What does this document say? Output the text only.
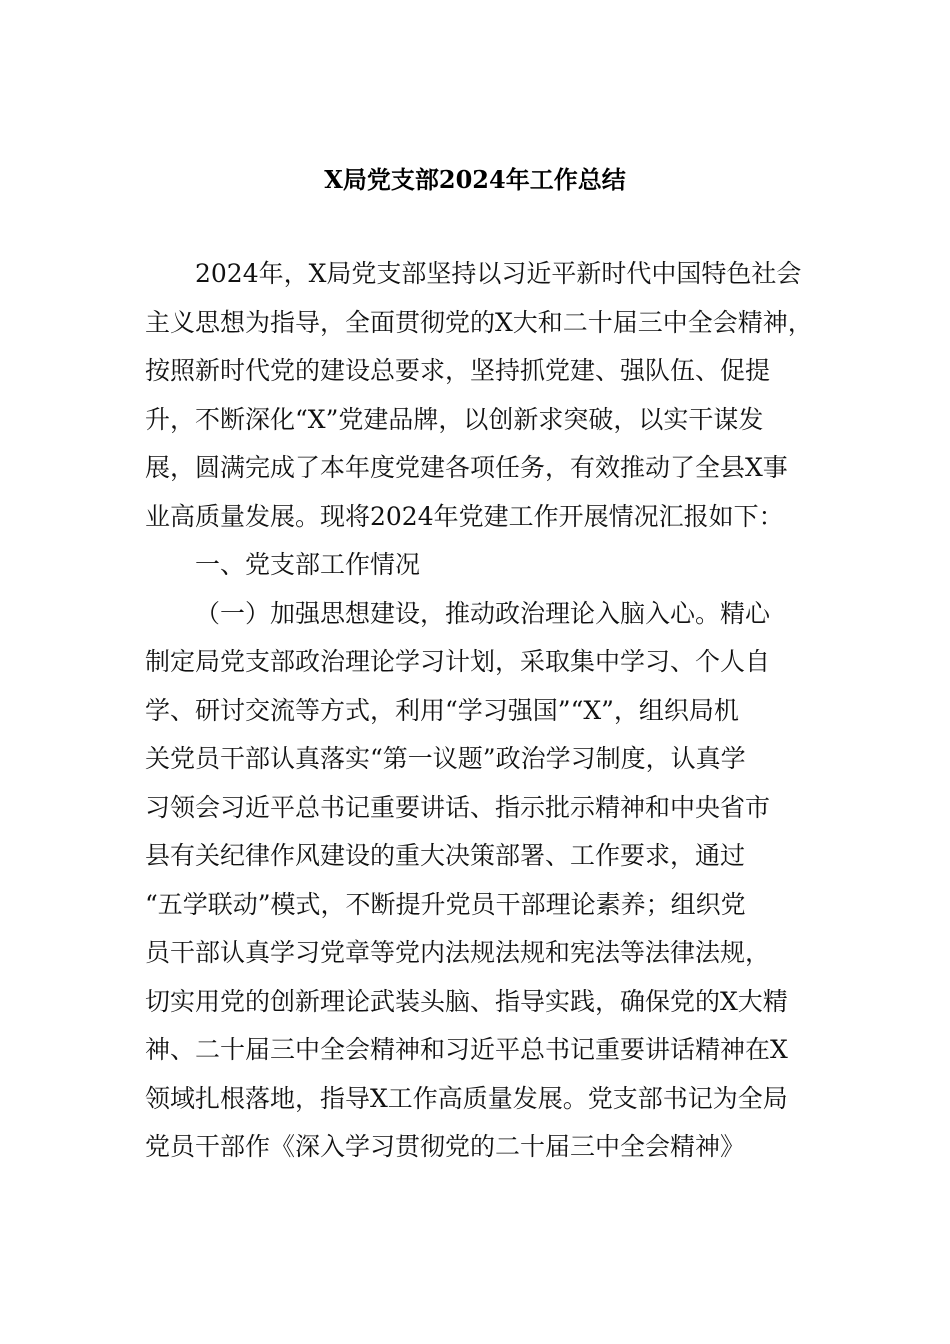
X局党支部2024年工作总结
2024年，X局党支部坚持以习近平新时代中国特色社会
主义思想为指导，全面贯彻党的X大和二十届三中全会精神，
按照新时代党的建设总要求，坚持抓党建、强队伍、促提
升，不断深化“X”党建品牌，以创新求突破，以实干谋发
展，圆满完成了本年度党建各项任务，有效推动了全县X事
业高质量发展。现将2024年党建工作开展情况汇报如下：
一、党支部工作情况
（一）加强思想建设，推动政治理论入脑入心。精心
制定局党支部政治理论学习计划，采取集中学习、个人自
学、研讨交流等方式，利用“学习强国”“X”，组织局机
关党员干部认真落实“第一议题”政治学习制度，认真学
习领会习近平总书记重要讲话、指示批示精神和中央省市
县有关纪律作风建设的重大决策部署、工作要求，通过
“五学联动”模式，不断提升党员干部理论素养；组织党
员干部认真学习党章等党内法规法规和宪法等法律法规，
切实用党的创新理论武装头脑、指导实践，确保党的X大精
神、二十届三中全会精神和习近平总书记重要讲话精神在X
领域扎根落地，指导X工作高质量发展。党支部书记为全局
党员干部作《深入学习贯彻党的二十届三中全会精神》
